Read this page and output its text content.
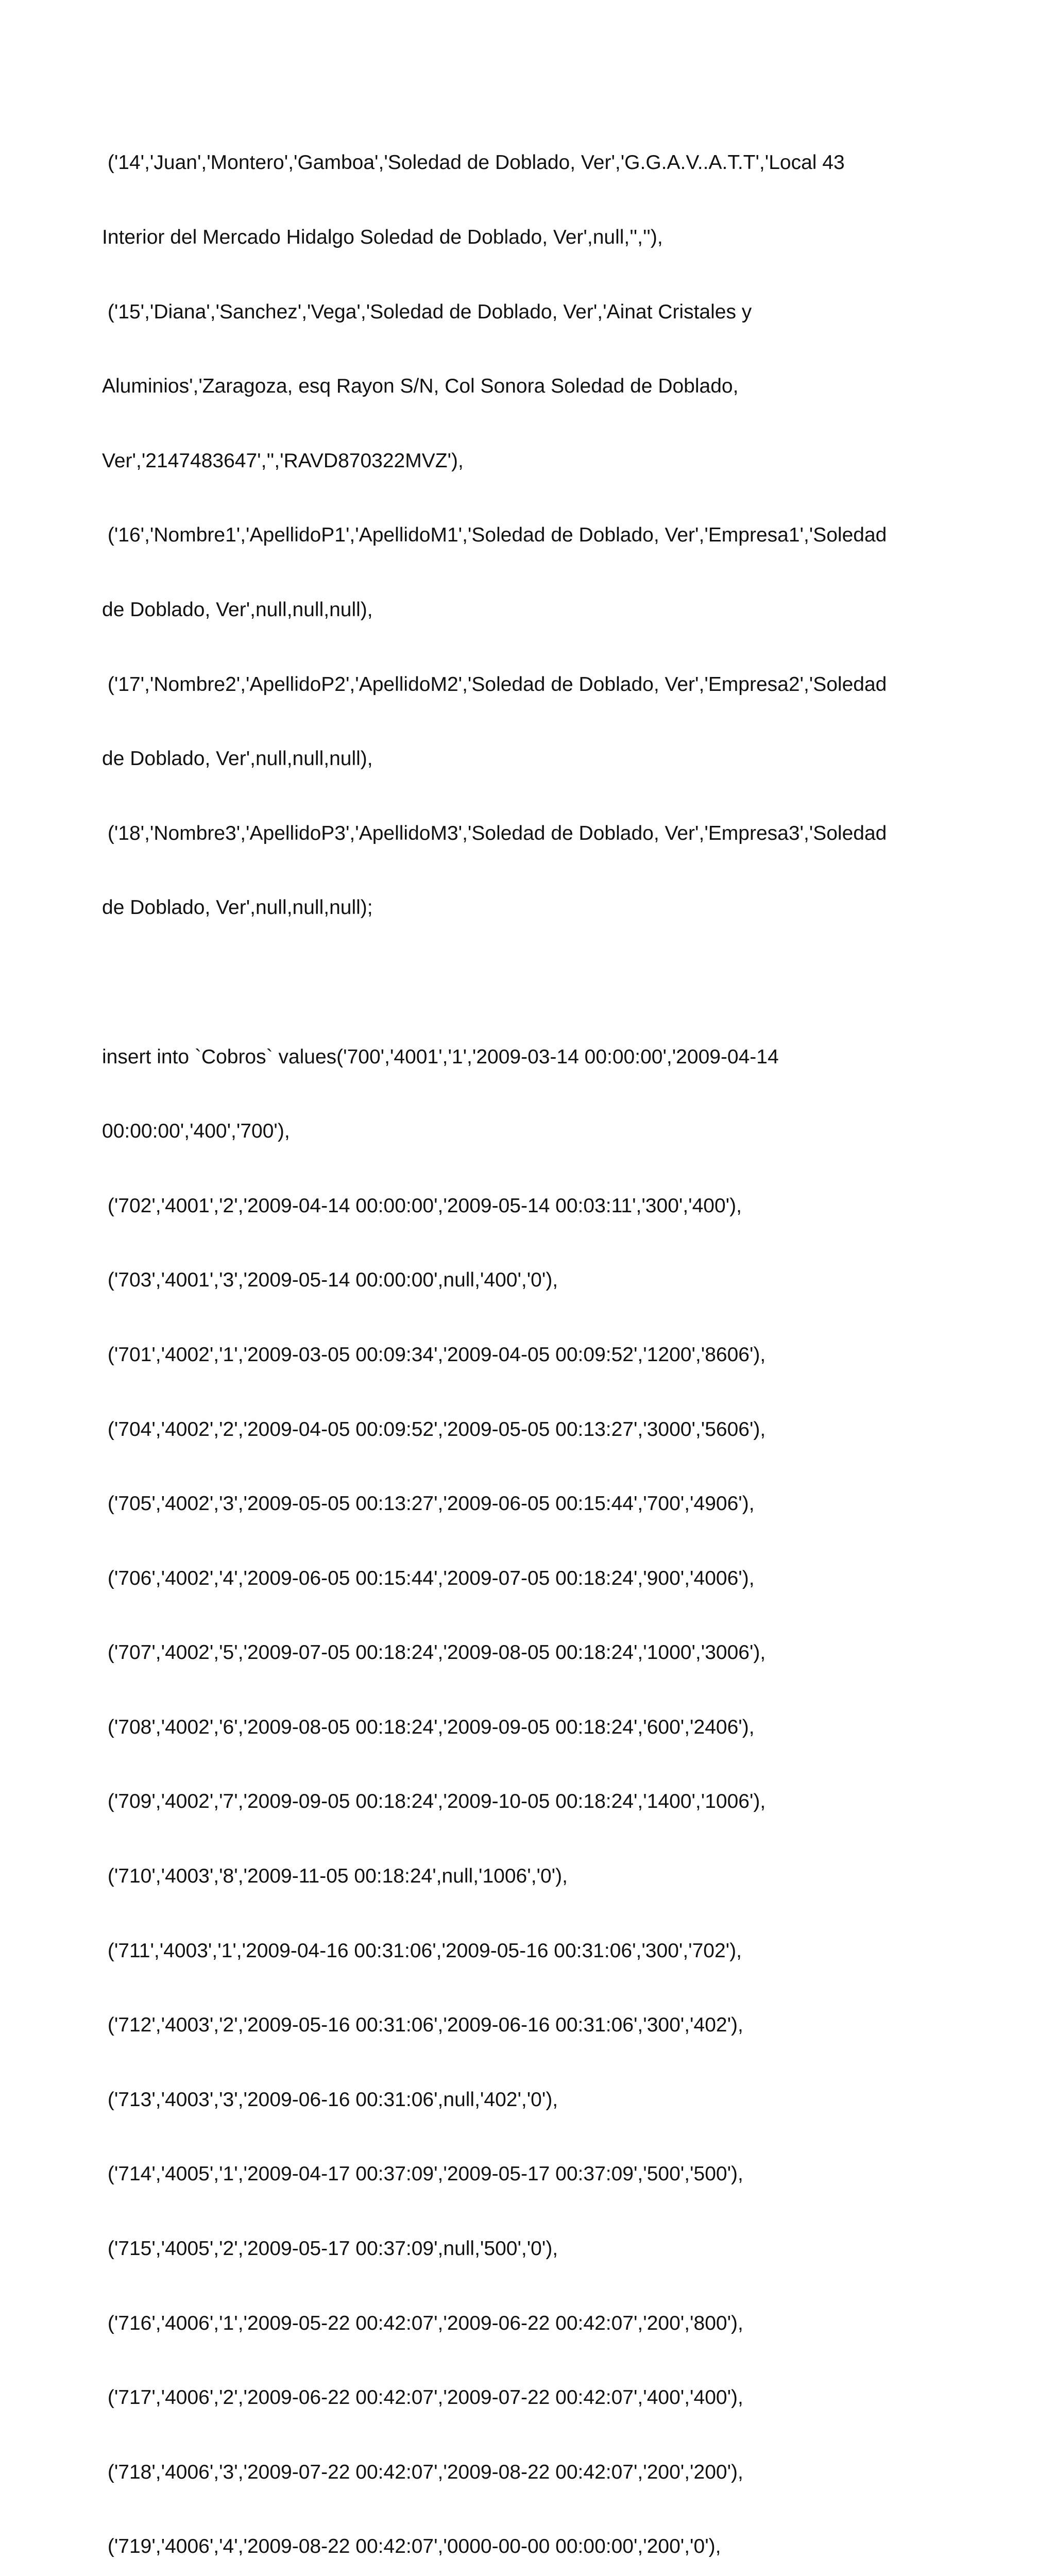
('14','Juan','Montero','Gamboa','Soledad de Doblado, Ver','G.G.A.V..A.T.T','Local 43

Interior del Mercado Hidalgo Soledad de Doblado, Ver',null,'',''),

('15','Diana','Sanchez','Vega','Soledad de Doblado, Ver','Ainat Cristales y

Aluminios','Zaragoza, esq Rayon S/N, Col Sonora Soledad de Doblado,

Ver','2147483647','','RAVD870322MVZ'),

('16','Nombre1','ApellidoP1','ApellidoM1','Soledad de Doblado, Ver','Empresa1','Soledad

de Doblado, Ver',null,null,null),

('17','Nombre2','ApellidoP2','ApellidoM2','Soledad de Doblado, Ver','Empresa2','Soledad

de Doblado, Ver',null,null,null),

('18','Nombre3','ApellidoP3','ApellidoM3','Soledad de Doblado, Ver','Empresa3','Soledad

de Doblado, Ver',null,null,null);

insert into `Cobros` values('700','4001','1','2009-03-14 00:00:00','2009-04-14

00:00:00','400','700'),

('702','4001','2','2009-04-14 00:00:00','2009-05-14 00:03:11','300','400'),

('703','4001','3','2009-05-14 00:00:00',null,'400','0'),

('701','4002','1','2009-03-05 00:09:34','2009-04-05 00:09:52','1200','8606'),

('704','4002','2','2009-04-05 00:09:52','2009-05-05 00:13:27','3000','5606'),

('705','4002','3','2009-05-05 00:13:27','2009-06-05 00:15:44','700','4906'),

('706','4002','4','2009-06-05 00:15:44','2009-07-05 00:18:24','900','4006'),

('707','4002','5','2009-07-05 00:18:24','2009-08-05 00:18:24','1000','3006'),

('708','4002','6','2009-08-05 00:18:24','2009-09-05 00:18:24','600','2406'),

('709','4002','7','2009-09-05 00:18:24','2009-10-05 00:18:24','1400','1006'),

('710','4003','8','2009-11-05 00:18:24',null,'1006','0'),

('711','4003','1','2009-04-16 00:31:06','2009-05-16 00:31:06','300','702'),

('712','4003','2','2009-05-16 00:31:06','2009-06-16 00:31:06','300','402'),

('713','4003','3','2009-06-16 00:31:06',null,'402','0'),

('714','4005','1','2009-04-17 00:37:09','2009-05-17 00:37:09','500','500'),

('715','4005','2','2009-05-17 00:37:09',null,'500','0'),

('716','4006','1','2009-05-22 00:42:07','2009-06-22 00:42:07','200','800'),

('717','4006','2','2009-06-22 00:42:07','2009-07-22 00:42:07','400','400'),

('718','4006','3','2009-07-22 00:42:07','2009-08-22 00:42:07','200','200'),

('719','4006','4','2009-08-22 00:42:07','0000-00-00 00:00:00','200','0'),
